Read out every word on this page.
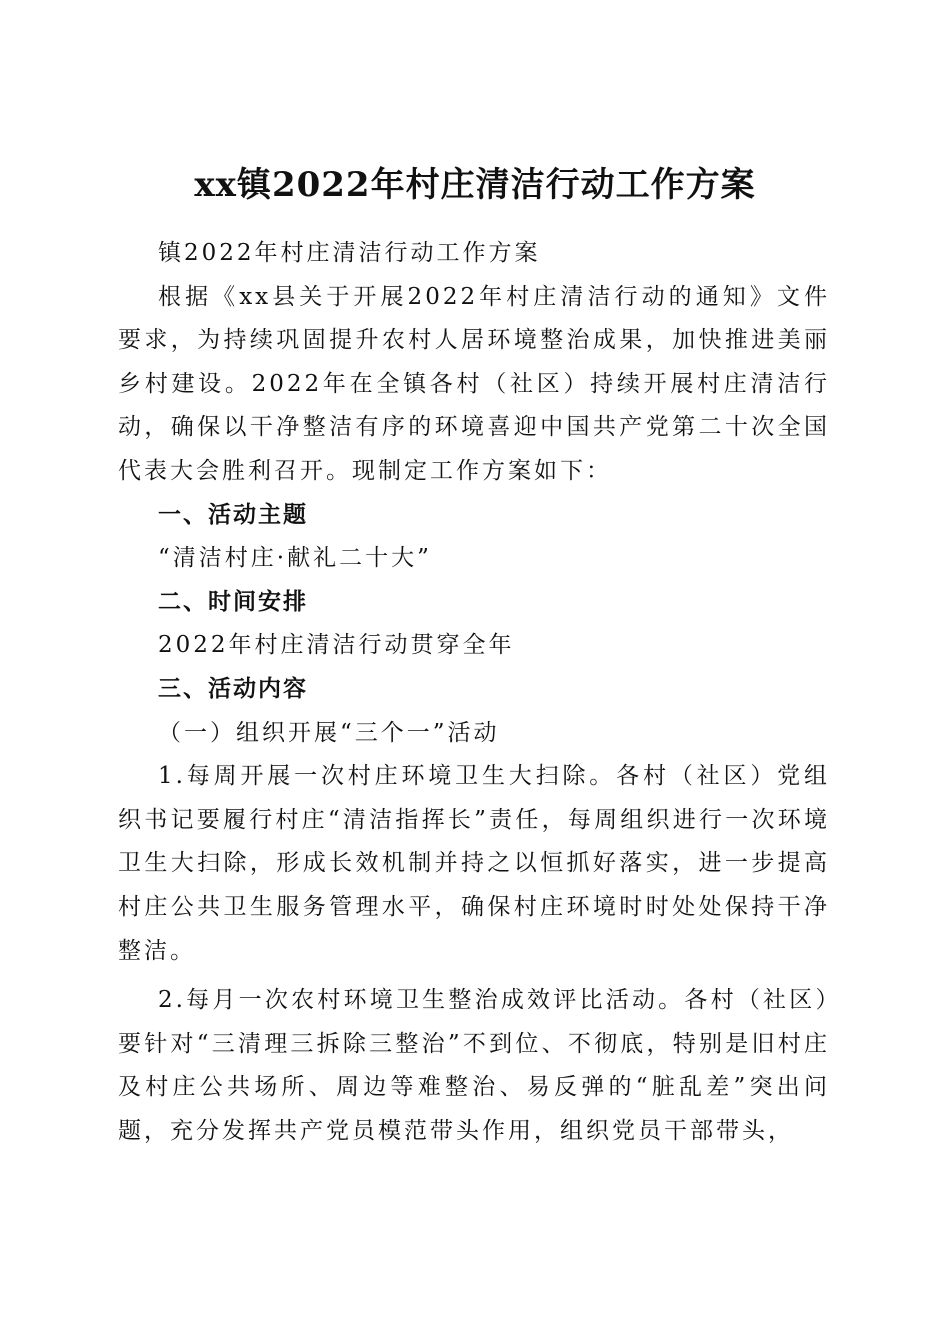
xx镇2022年村庄清洁行动工作方案

镇2022年村庄清洁行动工作方案

根据《xx县关于开展2022年村庄清洁行动的通知》文件要求，为持续巩固提升农村人居环境整治成果，加快推进美丽乡村建设。2022年在全镇各村（社区）持续开展村庄清洁行动，确保以干净整洁有序的环境喜迎中国共产党第二十次全国代表大会胜利召开。现制定工作方案如下：

一、活动主题

“清洁村庄·献礼二十大”

二、时间安排

2022年村庄清洁行动贯穿全年

三、活动内容

（一）组织开展“三个一”活动

1.每周开展一次村庄环境卫生大扫除。各村（社区）党组织书记要履行村庄“清洁指挥长”责任，每周组织进行一次环境卫生大扫除，形成长效机制并持之以恒抓好落实，进一步提高村庄公共卫生服务管理水平，确保村庄环境时时处处保持干净整洁。

2.每月一次农村环境卫生整治成效评比活动。各村（社区）要针对“三清理三拆除三整治”不到位、不彻底，特别是旧村庄及村庄公共场所、周边等难整治、易反弹的“脏乱差”突出问题，充分发挥共产党员模范带头作用，组织党员干部带头，
